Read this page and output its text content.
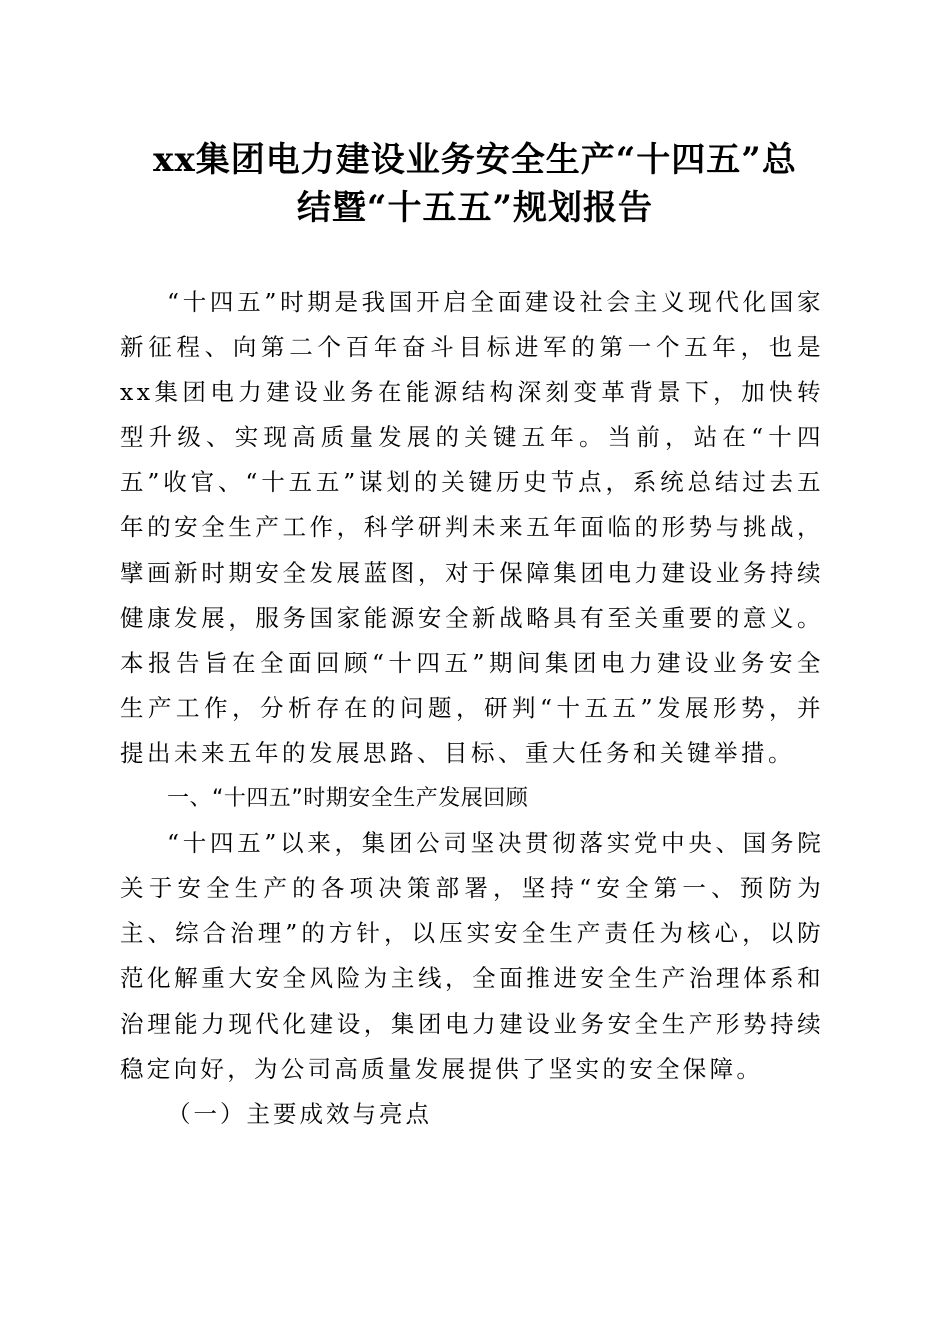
xx集团电力建设业务安全生产“十四五”总
结暨“十五五”规划报告

“十四五”时期是我国开启全面建设社会主义现代化国家新征程、向第二个百年奋斗目标进军的第一个五年，也是xx集团电力建设业务在能源结构深刻变革背景下，加快转型升级、实现高质量发展的关键五年。当前，站在“十四五”收官、“十五五”谋划的关键历史节点，系统总结过去五年的安全生产工作，科学研判未来五年面临的形势与挑战，擘画新时期安全发展蓝图，对于保障集团电力建设业务持续健康发展，服务国家能源安全新战略具有至关重要的意义。本报告旨在全面回顾“十四五”期间集团电力建设业务安全生产工作，分析存在的问题，研判“十五五”发展形势，并提出未来五年的发展思路、目标、重大任务和关键举措。

一、“十四五”时期安全生产发展回顾

“十四五”以来，集团公司坚决贯彻落实党中央、国务院关于安全生产的各项决策部署，坚持“安全第一、预防为主、综合治理”的方针，以压实安全生产责任为核心，以防范化解重大安全风险为主线，全面推进安全生产治理体系和治理能力现代化建设，集团电力建设业务安全生产形势持续稳定向好，为公司高质量发展提供了坚实的安全保障。

（一）主要成效与亮点
